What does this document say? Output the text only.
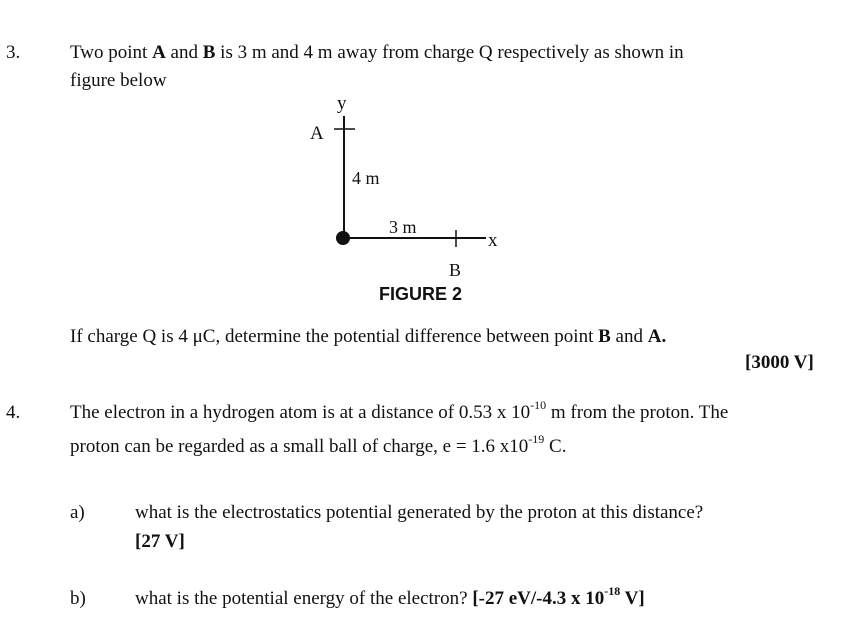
3.	Two point A and B is 3 m and 4 m away from charge Q respectively as shown in
figure below
y
A
4 m
3 m
x
B
FIGURE 2
If charge Q is 4 μC, determine the potential difference between point B and A.
[3000 V]
4.	The electron in a hydrogen atom is at a distance of 0.53 x $10^{-10}$ m from the proton. The
proton can be regarded as a small ball of charge, e = 1.6 $x10^{-19}$ C.
a)	what is the electrostatics potential generated by the proton at this distance?
[27 V]
b)	what is the potential energy of the electron? [-27 eV/-4.3 x $10^{-18}$ V]
